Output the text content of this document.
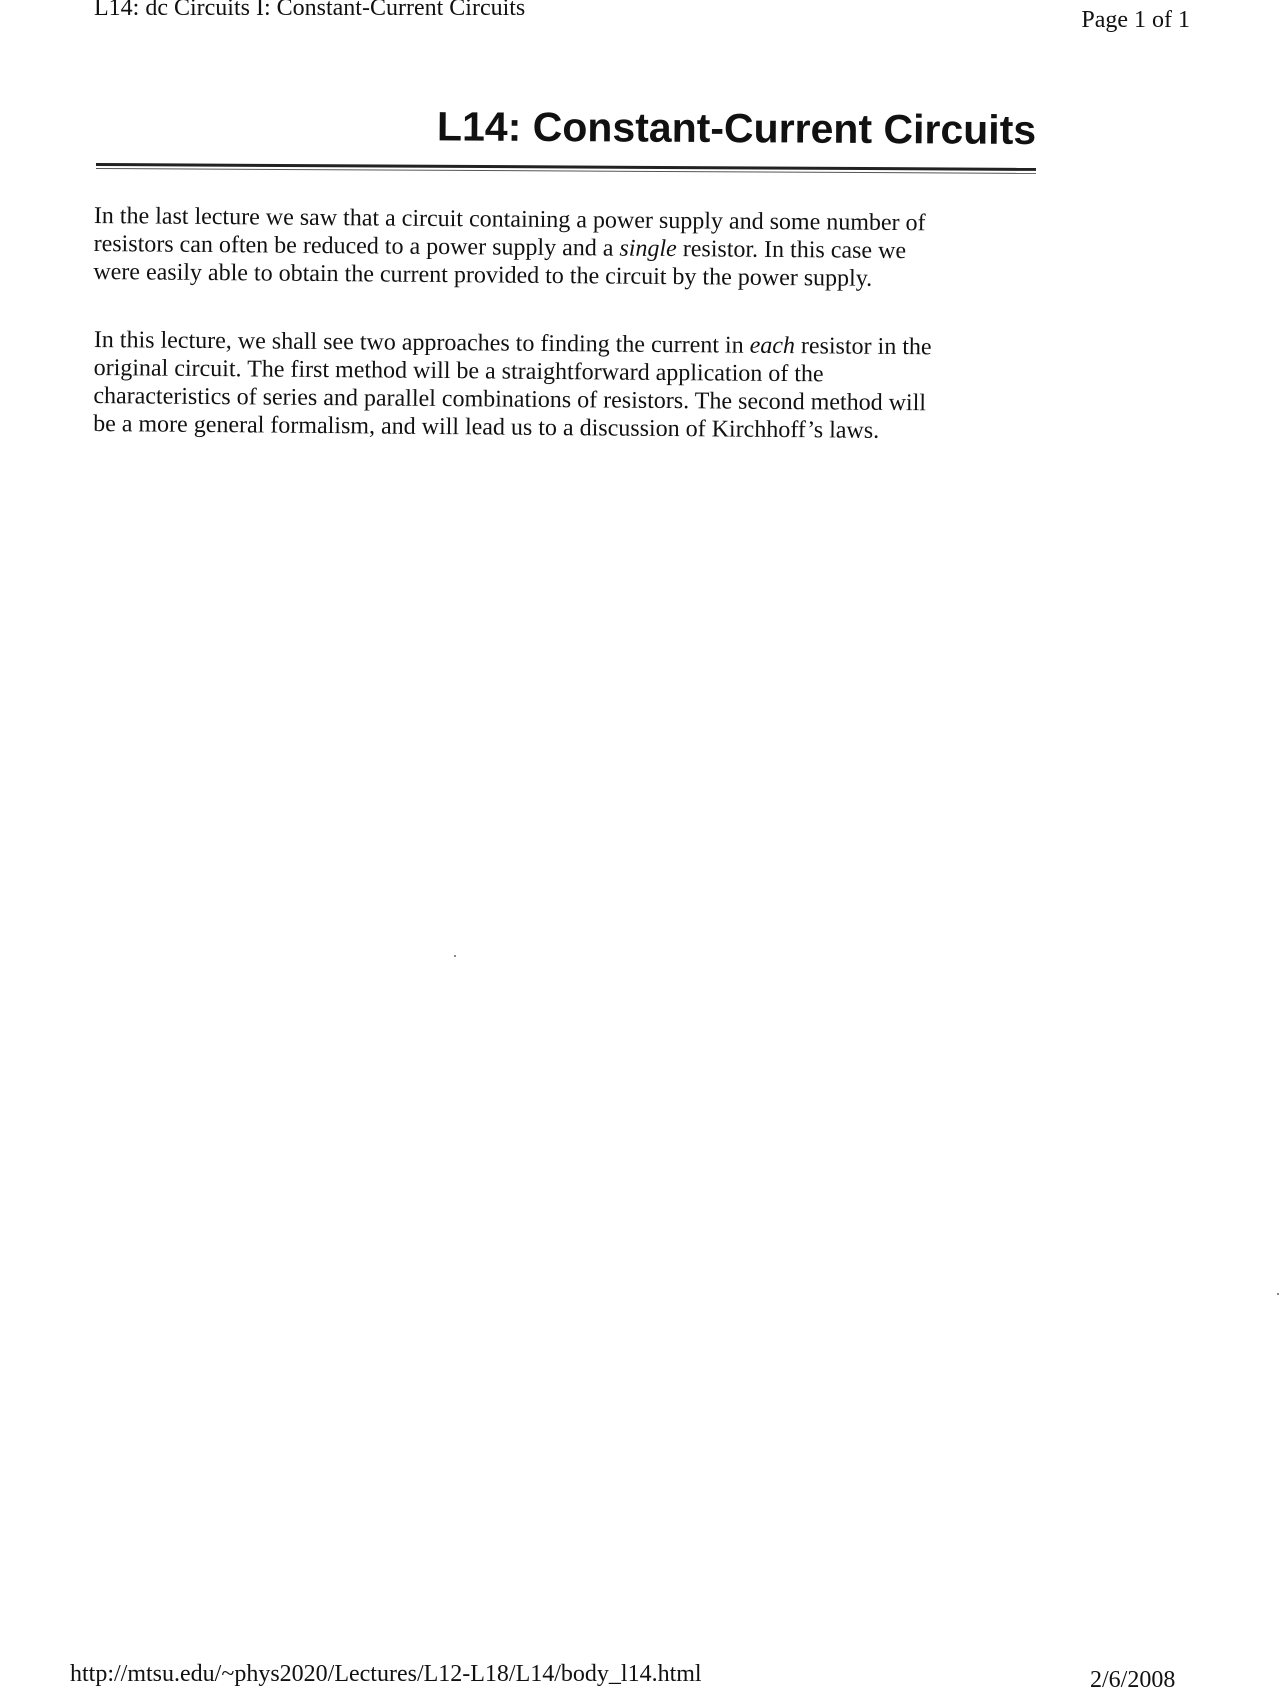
L14: dc Circuits I: Constant-Current Circuits	Page 1 of 1
L14: Constant-Current Circuits

In the last lecture we saw that a circuit containing a power supply and some number of
resistors can often be reduced to a power supply and a single resistor. In this case we
were easily able to obtain the current provided to the circuit by the power supply.

In this lecture, we shall see two approaches to finding the current in each resistor in the
original circuit. The first method will be a straightforward application of the
characteristics of series and parallel combinations of resistors. The second method will
be a more general formalism, and will lead us to a discussion of Kirchhoff’s laws.

http://mtsu.edu/~phys2020/Lectures/L12-L18/L14/body_l14.html	2/6/2008
